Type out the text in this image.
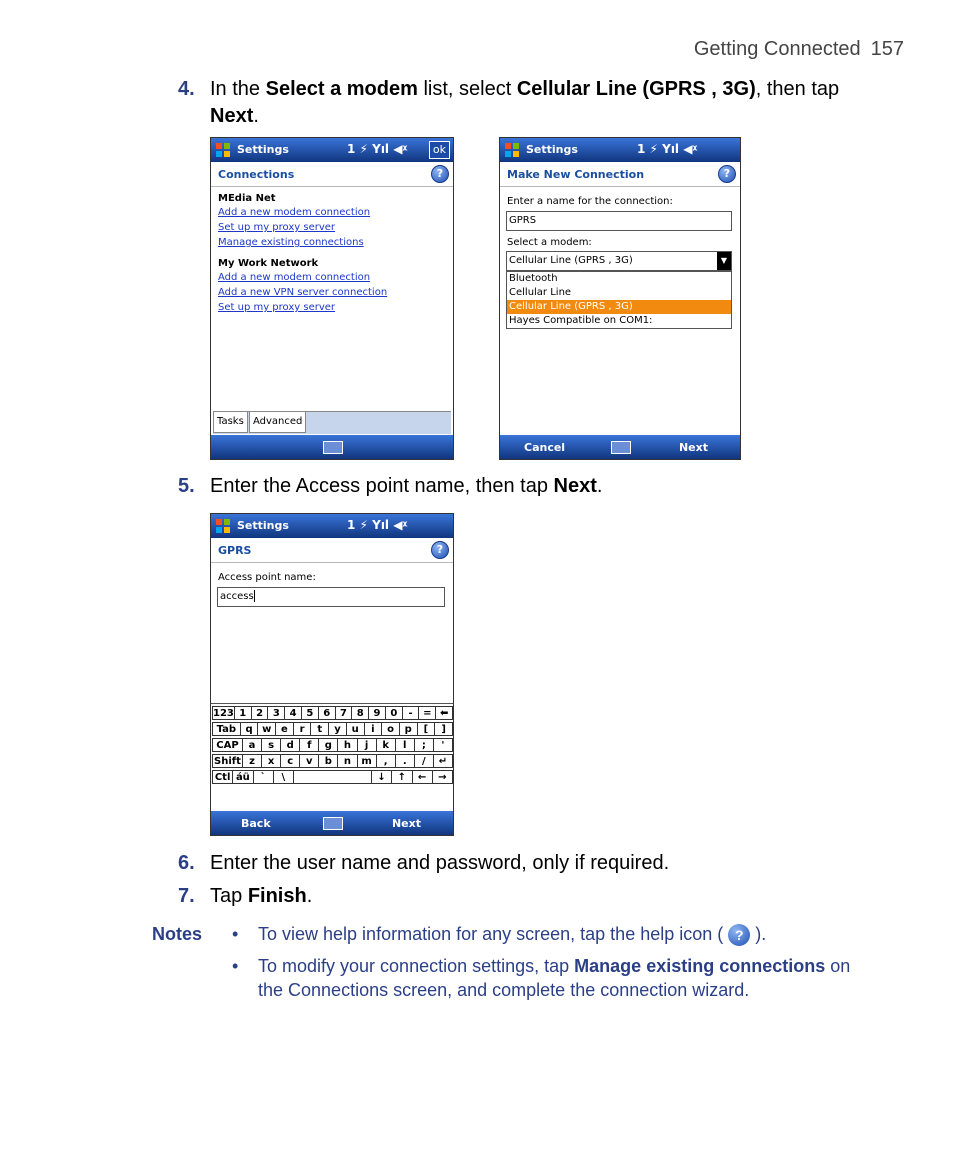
Getting Connected 157
4. In the Select a modem list, select Cellular Line (GPRS , 3G), then tap Next.
Settings	1 ⚡ Yıl ◀ᵡ	ok
Connections	?
MEdia Net
Add a new modem connection
Set up my proxy server
Manage existing connections
My Work Network
Add a new modem connection
Add a new VPN server connection
Set up my proxy server
Tasks Advanced
Settings	1 ⚡ Yıl ◀ᵡ
Make New Connection	?
Enter a name for the connection:
GPRS
Select a modem:
Cellular Line (GPRS , 3G)	▼
Bluetooth
Cellular Line
Cellular Line (GPRS , 3G)
Hayes Compatible on COM1:
Cancel	Next
5. Enter the Access point name, then tap Next.
Settings	1 ⚡ Yıl ◀ᵡ
GPRS	?
Access point name:
access
123 1 2 3 4 5 6 7 8 9 0	-	= ⬅
Tab q w e	r	t	y	u	i	o	p	[	]
CAP a	s	d	f	g	h	j	k	l	;	'
Shift z	x	c	v	b	n	m	,	.	/	↵
Ctl áü	`	\	↓	↑	←	→
Back	Next
6. Enter the user name and password, only if required.
7. Tap Finish.
Notes • To view help information for any screen, tap the help icon ( ? ).
• To modify your connection settings, tap Manage existing connections on the Connections screen, and complete the connection wizard.
